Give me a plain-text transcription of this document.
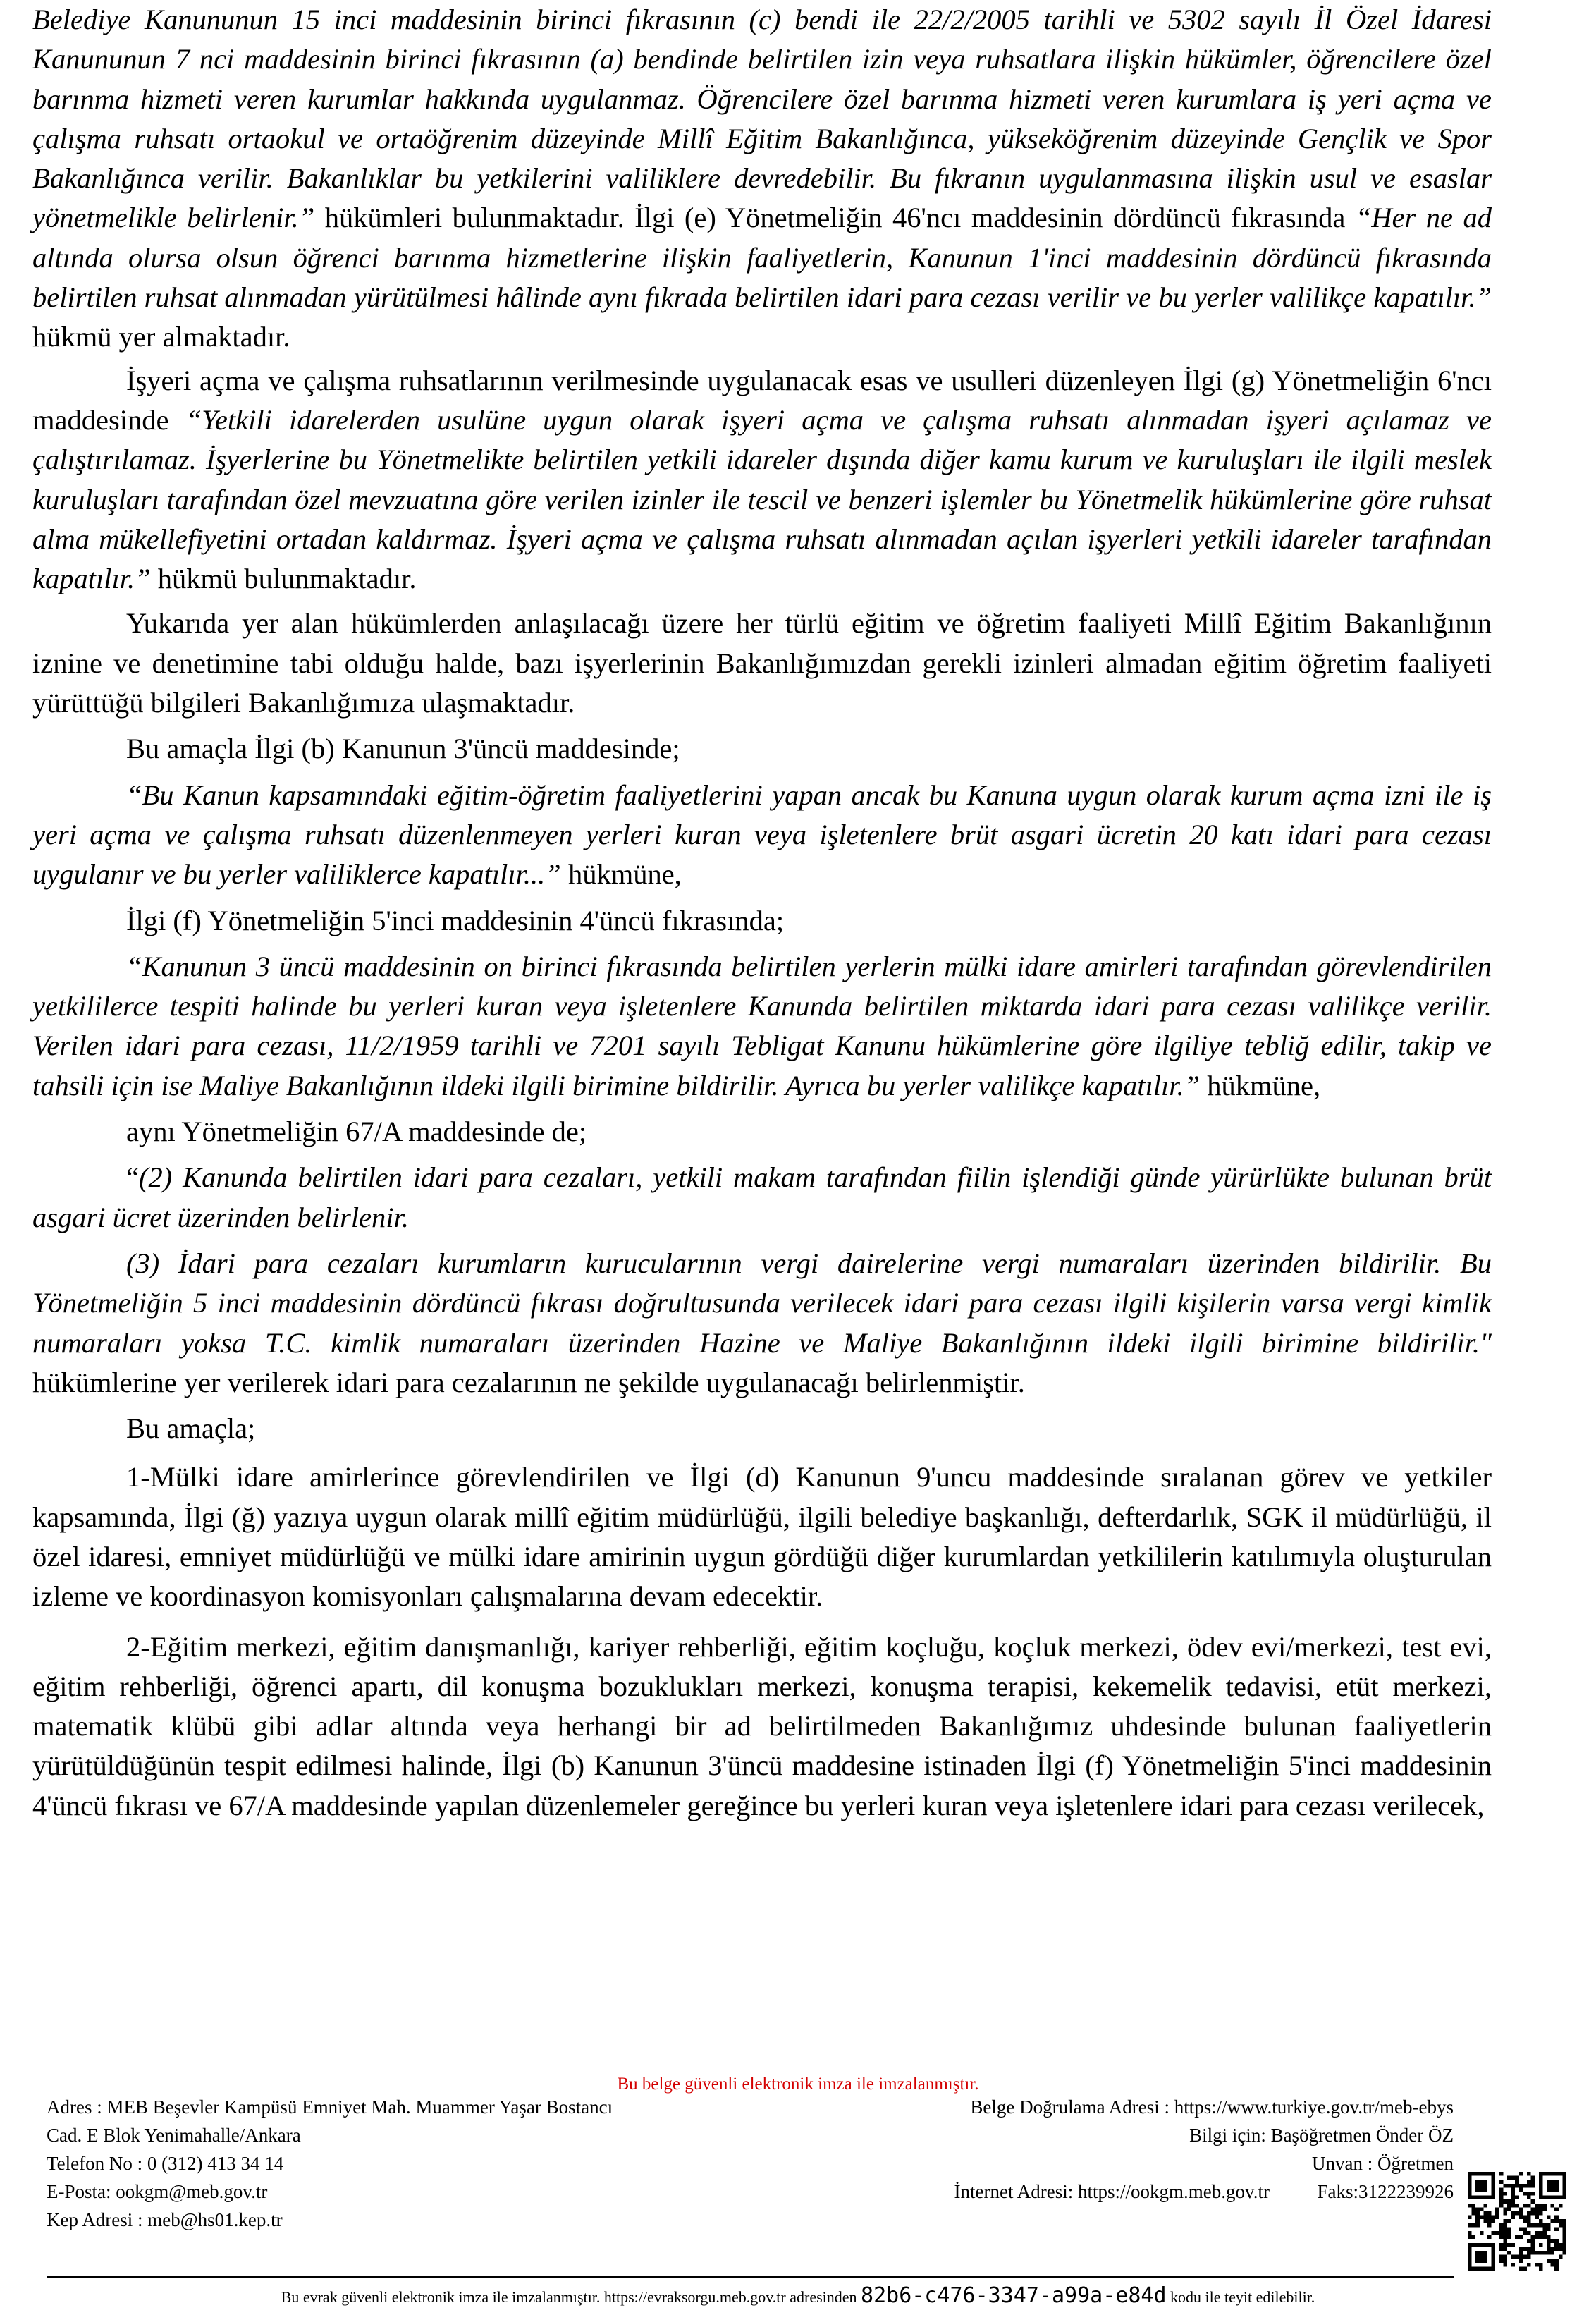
Belediye Kanununun 15 inci maddesinin birinci fıkrasının (c) bendi ile 22/2/2005 tarihli ve 5302 sayılı İl Özel İdaresi Kanununun 7 nci maddesinin birinci fıkrasının (a) bendinde belirtilen izin veya ruhsatlara ilişkin hükümler, öğrencilere özel barınma hizmeti veren kurumlar hakkında uygulanmaz. Öğrencilere özel barınma hizmeti veren kurumlara iş yeri açma ve çalışma ruhsatı ortaokul ve ortaöğrenim düzeyinde Millî Eğitim Bakanlığınca, yükseköğrenim düzeyinde Gençlik ve Spor Bakanlığınca verilir. Bakanlıklar bu yetkilerini valiliklere devredebilir. Bu fıkranın uygulanmasına ilişkin usul ve esaslar yönetmelikle belirlenir.” hükümleri bulunmaktadır. İlgi (e) Yönetmeliğin 46'ncı maddesinin dördüncü fıkrasında “Her ne ad altında olursa olsun öğrenci barınma hizmetlerine ilişkin faaliyetlerin, Kanunun 1'inci maddesinin dördüncü fıkrasında belirtilen ruhsat alınmadan yürütülmesi hâlinde aynı fıkrada belirtilen idari para cezası verilir ve bu yerler valilikçe kapatılır.” hükmü yer almaktadır.

İşyeri açma ve çalışma ruhsatlarının verilmesinde uygulanacak esas ve usulleri düzenleyen İlgi (g) Yönetmeliğin 6'ncı maddesinde “Yetkili idarelerden usulüne uygun olarak işyeri açma ve çalışma ruhsatı alınmadan işyeri açılamaz ve çalıştırılamaz. İşyerlerine bu Yönetmelikte belirtilen yetkili idareler dışında diğer kamu kurum ve kuruluşları ile ilgili meslek kuruluşları tarafından özel mevzuatına göre verilen izinler ile tescil ve benzeri işlemler bu Yönetmelik hükümlerine göre ruhsat alma mükellefiyetini ortadan kaldırmaz. İşyeri açma ve çalışma ruhsatı alınmadan açılan işyerleri yetkili idareler tarafından kapatılır.” hükmü bulunmaktadır.

Yukarıda yer alan hükümlerden anlaşılacağı üzere her türlü eğitim ve öğretim faaliyeti Millî Eğitim Bakanlığının iznine ve denetimine tabi olduğu halde, bazı işyerlerinin Bakanlığımızdan gerekli izinleri almadan eğitim öğretim faaliyeti yürüttüğü bilgileri Bakanlığımıza ulaşmaktadır.

Bu amaçla İlgi (b) Kanunun 3'üncü maddesinde;

“Bu Kanun kapsamındaki eğitim-öğretim faaliyetlerini yapan ancak bu Kanuna uygun olarak kurum açma izni ile iş yeri açma ve çalışma ruhsatı düzenlenmeyen yerleri kuran veya işletenlere brüt asgari ücretin 20 katı idari para cezası uygulanır ve bu yerler valiliklerce kapatılır...” hükmüne,

İlgi (f) Yönetmeliğin 5'inci maddesinin 4'üncü fıkrasında;

“Kanunun 3 üncü maddesinin on birinci fıkrasında belirtilen yerlerin mülki idare amirleri tarafından görevlendirilen yetkililerce tespiti halinde bu yerleri kuran veya işletenlere Kanunda belirtilen miktarda idari para cezası valilikçe verilir. Verilen idari para cezası, 11/2/1959 tarihli ve 7201 sayılı Tebligat Kanunu hükümlerine göre ilgiliye tebliğ edilir, takip ve tahsili için ise Maliye Bakanlığının ildeki ilgili birimine bildirilir. Ayrıca bu yerler valilikçe kapatılır.” hükmüne,

aynı Yönetmeliğin 67/A maddesinde de;

“(2) Kanunda belirtilen idari para cezaları, yetkili makam tarafından fiilin işlendiği günde yürürlükte bulunan brüt asgari ücret üzerinden belirlenir.

(3) İdari para cezaları kurumların kurucularının vergi dairelerine vergi numaraları üzerinden bildirilir. Bu Yönetmeliğin 5 inci maddesinin dördüncü fıkrası doğrultusunda verilecek idari para cezası ilgili kişilerin varsa vergi kimlik numaraları yoksa T.C. kimlik numaraları üzerinden Hazine ve Maliye Bakanlığının ildeki ilgili birimine bildirilir." hükümlerine yer verilerek idari para cezalarının ne şekilde uygulanacağı belirlenmiştir.

Bu amaçla;

1-Mülki idare amirlerince görevlendirilen ve İlgi (d) Kanunun 9'uncu maddesinde sıralanan görev ve yetkiler kapsamında, İlgi (ğ) yazıya uygun olarak millî eğitim müdürlüğü, ilgili belediye başkanlığı, defterdarlık, SGK il müdürlüğü, il özel idaresi, emniyet müdürlüğü ve mülki idare amirinin uygun gördüğü diğer kurumlardan yetkililerin katılımıyla oluşturulan izleme ve koordinasyon komisyonları çalışmalarına devam edecektir.

2-Eğitim merkezi, eğitim danışmanlığı, kariyer rehberliği, eğitim koçluğu, koçluk merkezi, ödev evi/merkezi, test evi, eğitim rehberliği, öğrenci apartı, dil konuşma bozuklukları merkezi, konuşma terapisi, kekemelik tedavisi, etüt merkezi, matematik klübü gibi adlar altında veya herhangi bir ad belirtilmeden Bakanlığımız uhdesinde bulunan faaliyetlerin yürütüldüğünün tespit edilmesi halinde, İlgi (b) Kanunun 3'üncü maddesine istinaden İlgi (f) Yönetmeliğin 5'inci maddesinin 4'üncü fıkrası ve 67/A maddesinde yapılan düzenlemeler gereğince bu yerleri kuran veya işletenlere idari para cezası verilecek,

Bu belge güvenli elektronik imza ile imzalanmıştır.
Adres : MEB Beşevler Kampüsü Emniyet Mah. Muammer Yaşar Bostancı
Cad. E Blok Yenimahalle/Ankara
Telefon No : 0 (312) 413 34 14
E-Posta: ookgm@meb.gov.tr
Kep Adresi : meb@hs01.kep.tr
Belge Doğrulama Adresi : https://www.turkiye.gov.tr/meb-ebys
Bilgi için: Başöğretmen Önder ÖZ
Unvan : Öğretmen
İnternet Adresi: https://ookgm.meb.gov.tr          Faks:3122239926
Bu evrak güvenli elektronik imza ile imzalanmıştır. https://evraksorgu.meb.gov.tr adresinden 82b6-c476-3347-a99a-e84d kodu ile teyit edilebilir.
